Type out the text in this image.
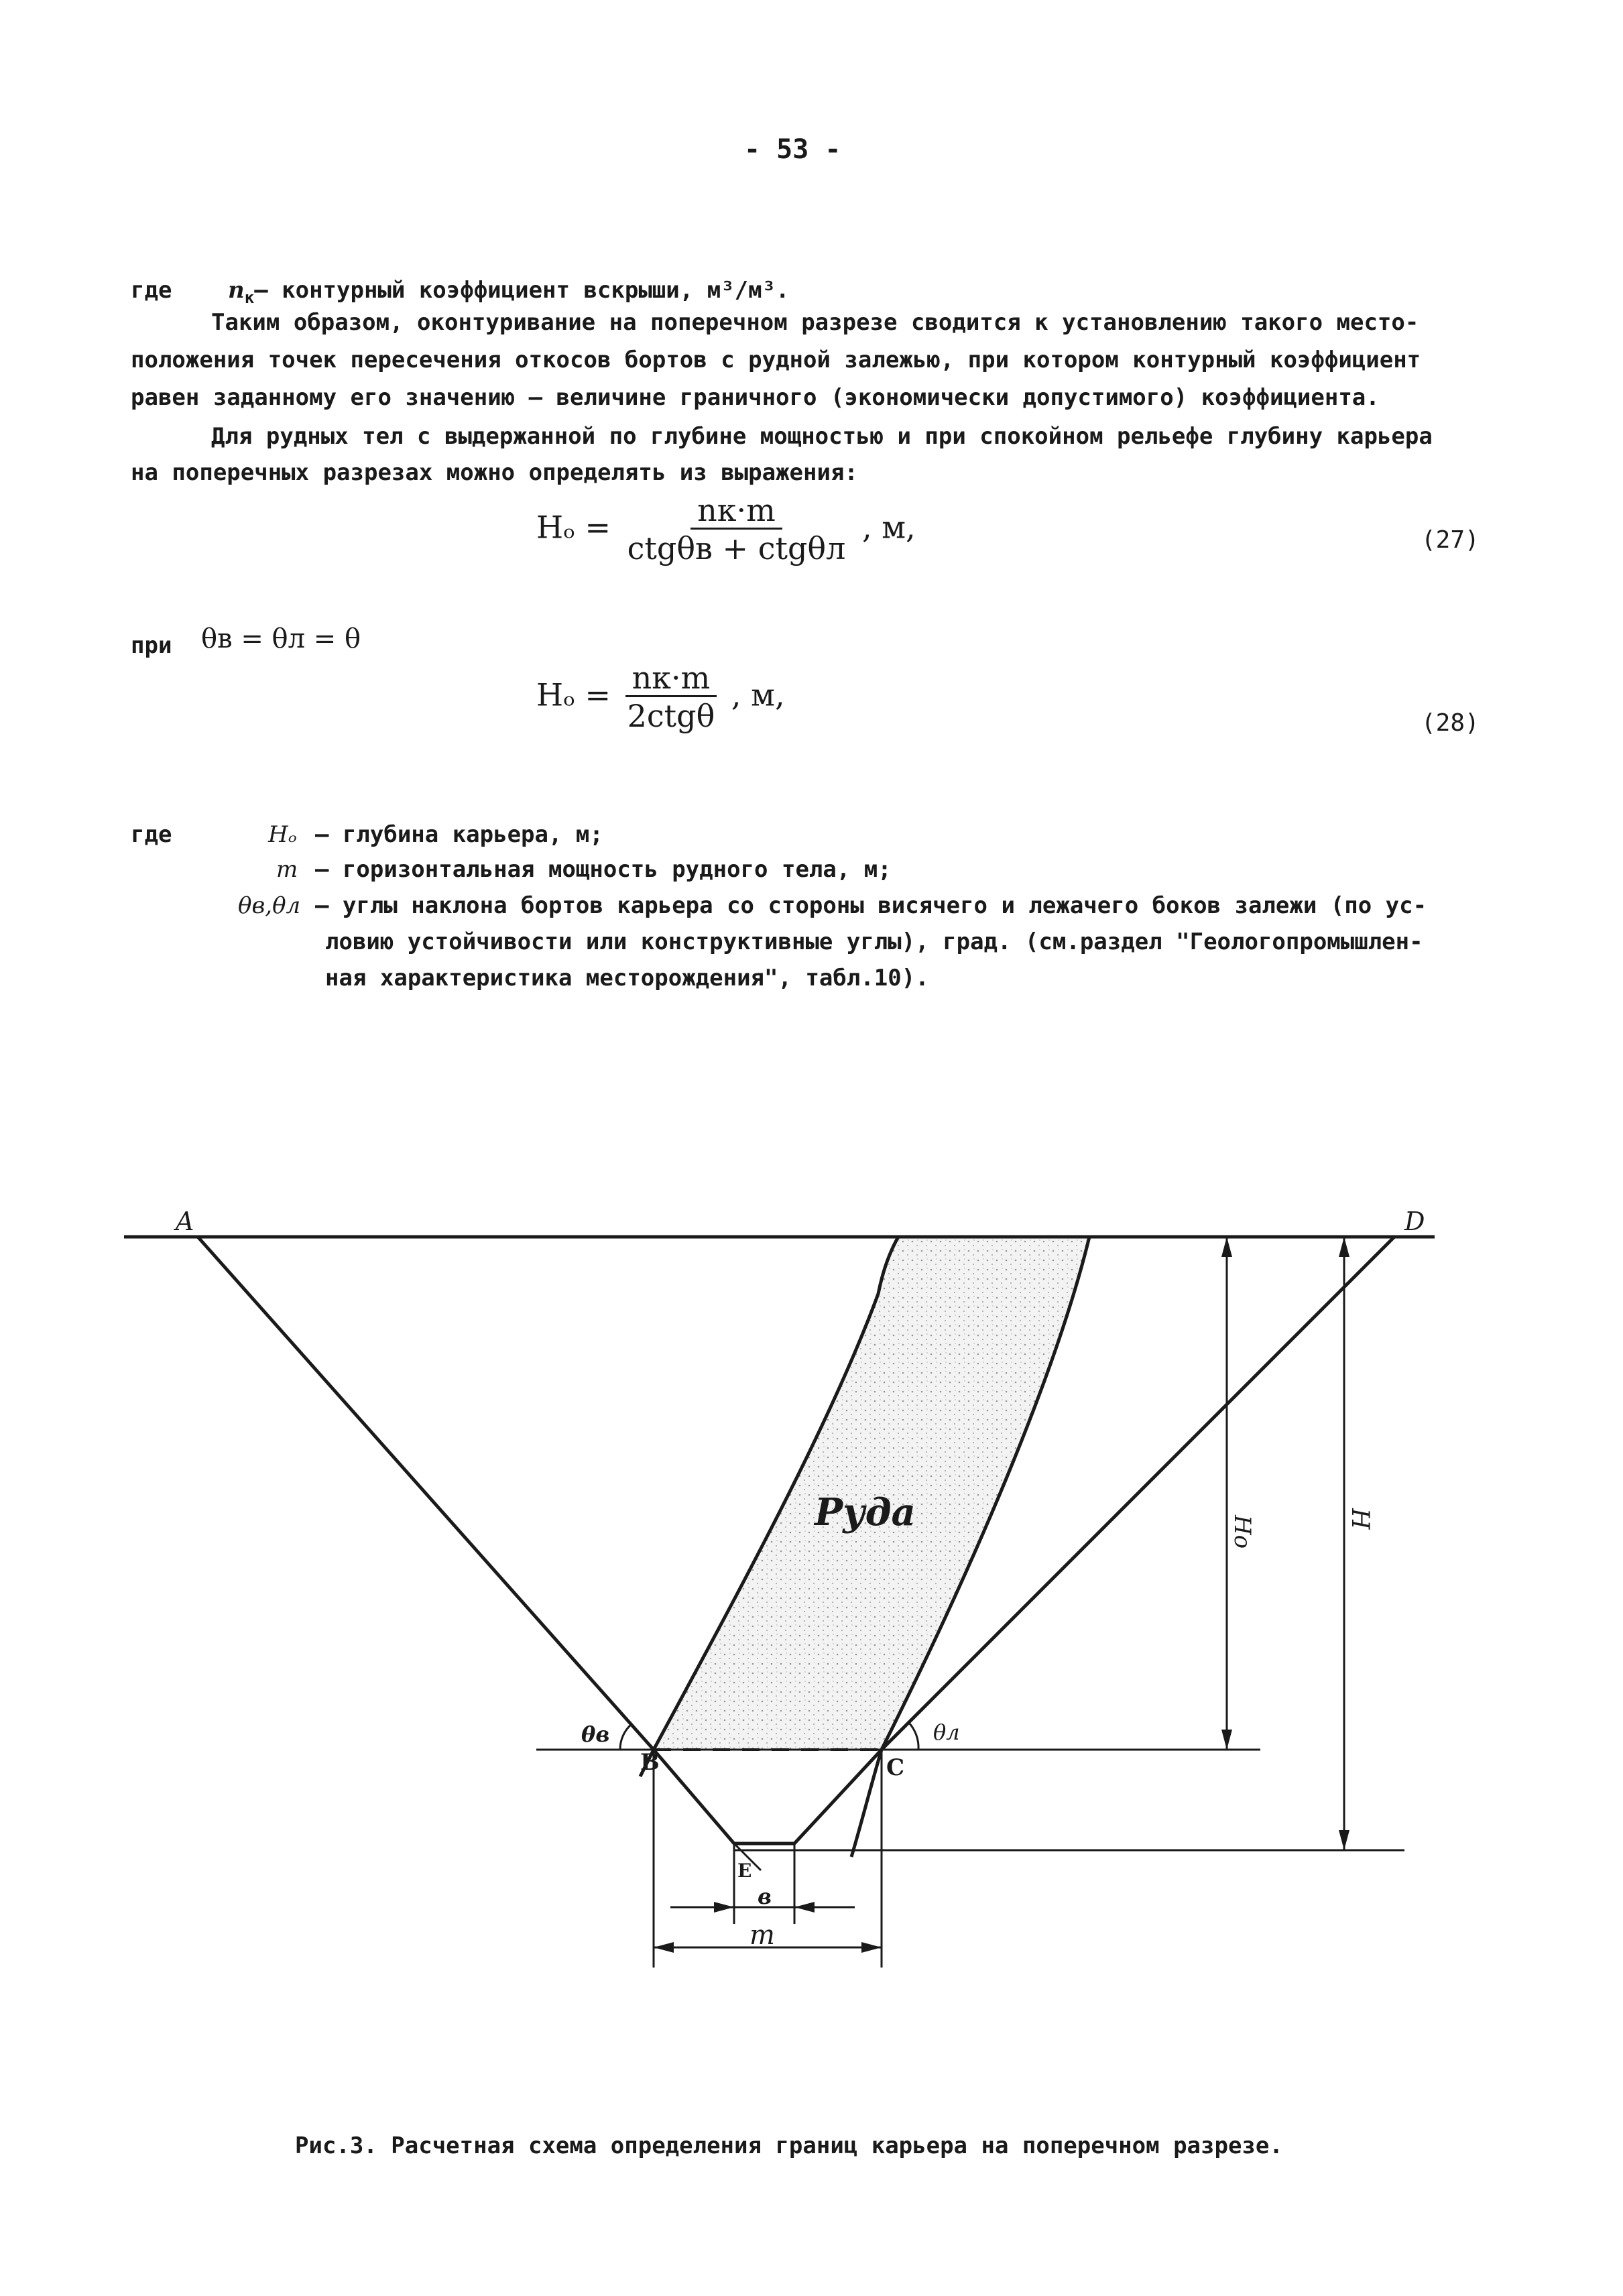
- 53 -
где $n_к-$ контурный коэффициент вскрыши, м³/м³.
Таким образом, оконтуривание на поперечном разрезе сводится к установлению такого место-
положения точек пересечения откосов бортов с рудной залежью, при котором контурный коэффициент
равен заданному его значению – величине граничного (экономически допустимого) коэффициента.
Для рудных тел с выдержанной по глубине мощностью и при спокойном рельефе глубину карьера
на поперечных разрезах можно определять из выражения:
$H_o = \frac{nк\cdot m}{\text{ctgθв + ctgθл}}$ , м,	(27)
при θв = θл = θ
$H_o = \frac{nк\cdot m}{\text{2ctgθ}}$ , м,
(28)
где	Hₒ – глубина карьера, м;
m – горизонтальная мощность рудного тела, м;
θв,θл – углы наклона бортов карьера со стороны висячего и лежачего боков залежи (по ус-
ловию устойчивости или конструктивные углы), град. (см.раздел "Геологопромышлен-
ная характеристика месторождения", табл.10).
A	D
B	C
Е
Руда
θв	θл
Hо	H
в
m
Рис.3. Расчетная схема определения границ карьера на поперечном разрезе.
